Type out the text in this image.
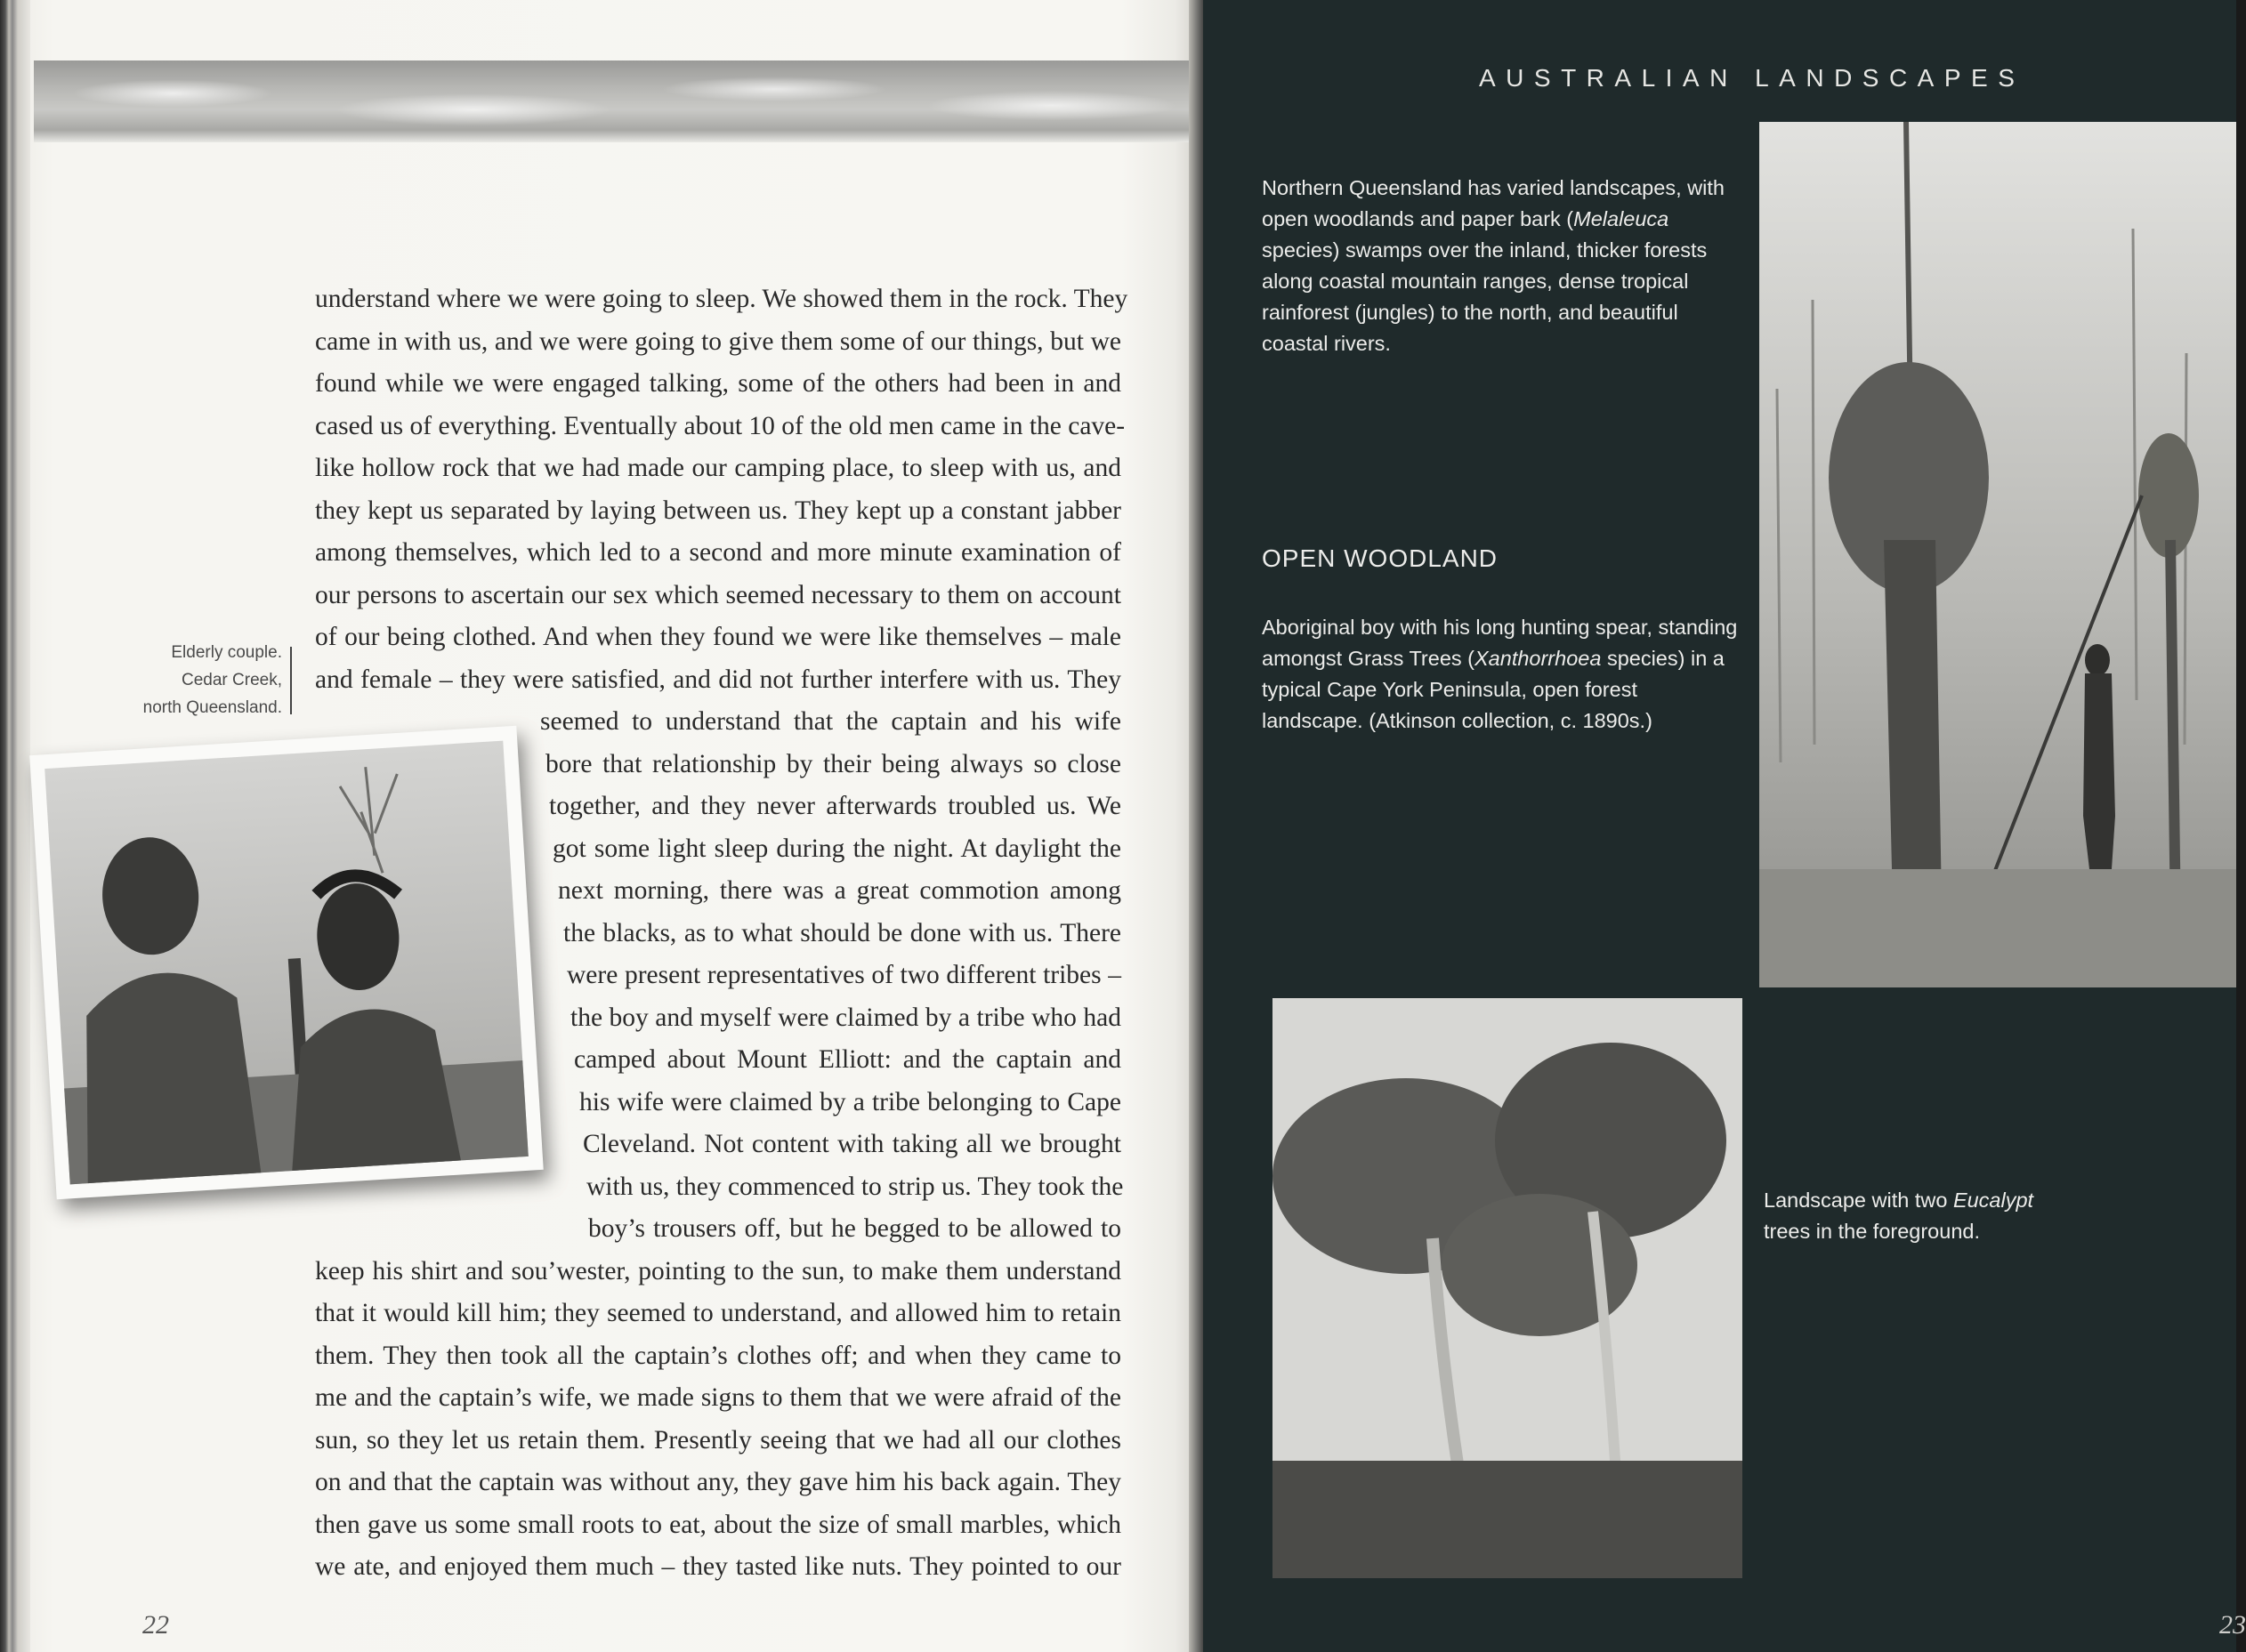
understand where we were going to sleep. We showed them in the rock. They
came in with us, and we were going to give them some of our things, but we
found while we were engaged talking, some of the others had been in and
cased us of everything. Eventually about 10 of the old men came in the cave-
like hollow rock that we had made our camping place, to sleep with us, and
they kept us separated by laying between us. They kept up a constant jabber
among themselves, which led to a second and more minute examination of
our persons to ascertain our sex which seemed necessary to them on account
of our being clothed. And when they found we were like themselves – male
and female – they were satisfied, and did not further interfere with us. They
seemed to understand that the captain and his wife
bore that relationship by their being always so close
together, and they never afterwards troubled us. We
got some light sleep during the night. At daylight the
next morning, there was a great commotion among
the blacks, as to what should be done with us. There
were present representatives of two different tribes –
the boy and myself were claimed by a tribe who had
camped about Mount Elliott: and the captain and
his wife were claimed by a tribe belonging to Cape
Cleveland. Not content with taking all we brought
with us, they commenced to strip us. They took the
boy’s trousers off, but he begged to be allowed to
keep his shirt and sou’wester, pointing to the sun, to make them understand
that it would kill him; they seemed to understand, and allowed him to retain
them. They then took all the captain’s clothes off; and when they came to
me and the captain’s wife, we made signs to them that we were afraid of the
sun, so they let us retain them. Presently seeing that we had all our clothes
on and that the captain was without any, they gave him his back again. They
then gave us some small roots to eat, about the size of small marbles, which
we ate, and enjoyed them much – they tasted like nuts. They pointed to our
Elderly couple.
Cedar Creek,
north Queensland.
22
AUSTRALIAN LANDSCAPES
Northern Queensland has varied landscapes, with open woodlands and paper bark (Melaleuca species) swamps over the inland, thicker forests along coastal mountain ranges, dense tropical rainforest (jungles) to the north, and beautiful coastal rivers.
OPEN WOODLAND
Aboriginal boy with his long hunting spear, standing amongst Grass Trees (Xanthorrhoea species) in a typical Cape York Peninsula, open forest landscape. (Atkinson collection, c. 1890s.)
Landscape with two Eucalypt trees in the foreground.
23
